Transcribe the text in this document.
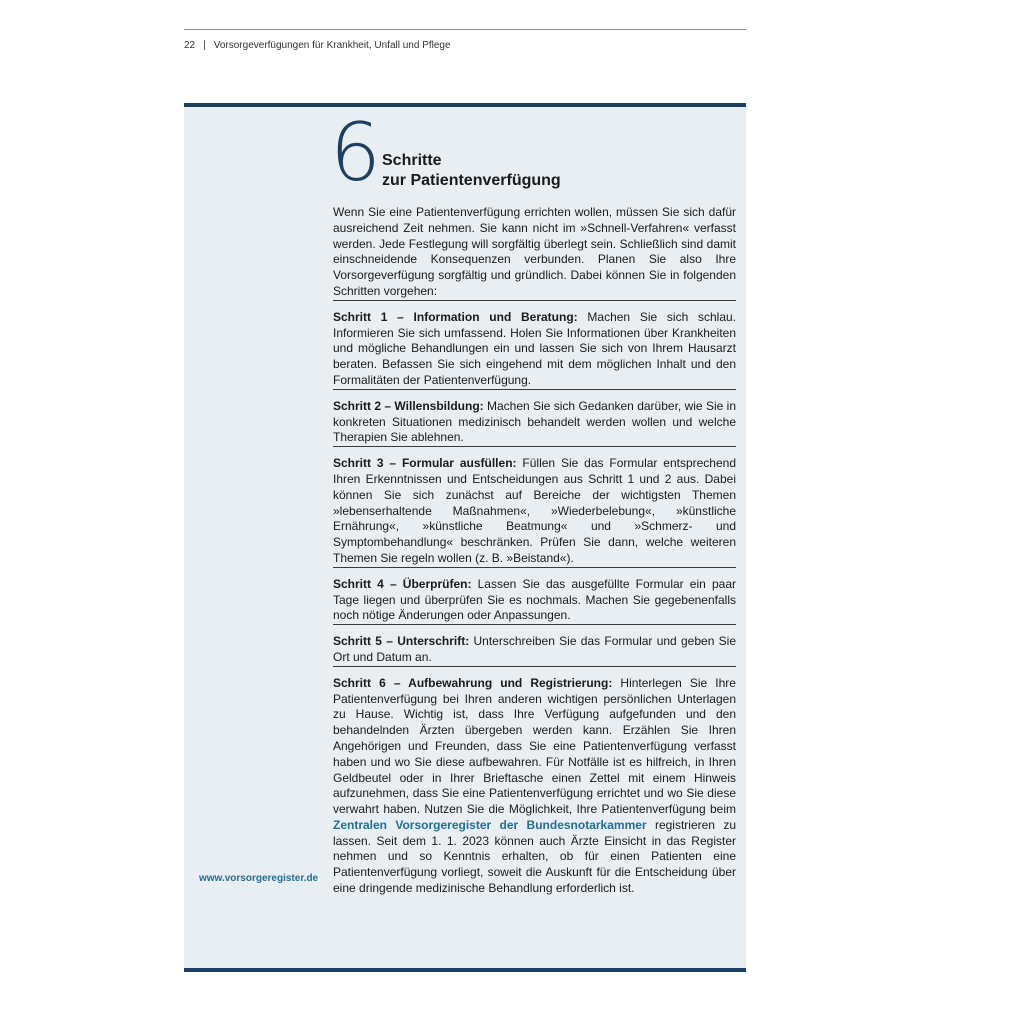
22 | Vorsorgeverfügungen für Krankheit, Unfall und Pflege
6 Schritte
zur Patientenverfügung

Wenn Sie eine Patientenverfügung errichten wollen, müssen Sie sich dafür ausreichend Zeit nehmen. Sie kann nicht im »Schnell-Verfahren« verfasst werden. Jede Festlegung will sorgfältig überlegt sein. Schließlich sind damit einschneidende Konsequenzen verbunden. Planen Sie also Ihre Vorsorgeverfügung sorgfältig und gründlich. Dabei können Sie in folgenden Schritten vorgehen:

Schritt 1 – Information und Beratung: Machen Sie sich schlau. Informieren Sie sich umfassend. Holen Sie Informationen über Krankheiten und mögliche Behandlungen ein und lassen Sie sich von Ihrem Hausarzt beraten. Befassen Sie sich eingehend mit dem möglichen Inhalt und den Formalitäten der Patientenverfügung.

Schritt 2 – Willensbildung: Machen Sie sich Gedanken darüber, wie Sie in konkreten Situationen medizinisch behandelt werden wollen und welche Therapien Sie ablehnen.

Schritt 3 – Formular ausfüllen: Füllen Sie das Formular entsprechend Ihren Erkenntnissen und Entscheidungen aus Schritt 1 und 2 aus. Dabei können Sie sich zunächst auf Bereiche der wichtigsten Themen »lebenserhaltende Maßnahmen«, »Wiederbelebung«, »künstliche Ernährung«, »künstliche Beatmung« und »Schmerz- und Symptombehandlung« beschränken. Prüfen Sie dann, welche weiteren Themen Sie regeln wollen (z. B. »Beistand«).

Schritt 4 – Überprüfen: Lassen Sie das ausgefüllte Formular ein paar Tage liegen und überprüfen Sie es nochmals. Machen Sie gegebenenfalls noch nötige Änderungen oder Anpassungen.

Schritt 5 – Unterschrift: Unterschreiben Sie das Formular und geben Sie Ort und Datum an.

Schritt 6 – Aufbewahrung und Registrierung: Hinterlegen Sie Ihre Patientenverfügung bei Ihren anderen wichtigen persönlichen Unterlagen zu Hause. Wichtig ist, dass Ihre Verfügung aufgefunden und den behandelnden Ärzten übergeben werden kann. Erzählen Sie Ihren Angehörigen und Freunden, dass Sie eine Patientenverfügung verfasst haben und wo Sie diese aufbewahren. Für Notfälle ist es hilfreich, in Ihren Geldbeutel oder in Ihrer Brieftasche einen Zettel mit einem Hinweis aufzunehmen, dass Sie eine Patientenverfügung errichtet und wo Sie diese verwahrt haben. Nutzen Sie die Möglichkeit, Ihre Patientenverfügung beim Zentralen Vorsorgeregister der Bundesnotarkammer registrieren zu lassen. Seit dem 1. 1. 2023 können auch Ärzte Einsicht in das Register nehmen und so Kenntnis erhalten, ob für einen Patienten eine Patientenverfügung vorliegt, soweit die Auskunft für die Entscheidung über eine dringende medizinische Behandlung erforderlich ist.

www.vorsorgeregister.de
